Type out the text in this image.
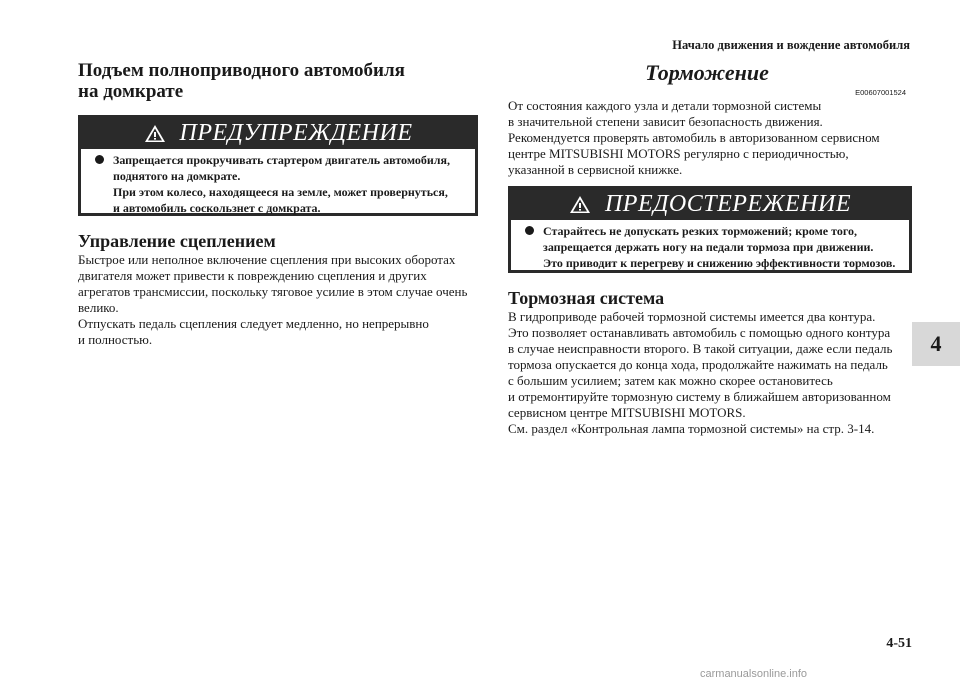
Начало движения и вождение автомобиля
4
Подъем полноприводного автомобиля
на домкрате
ПРЕДУПРЕЖДЕНИЕ
Запрещается прокручивать стартером двигатель автомобиля,
поднятого на домкрате.
При этом колесо, находящееся на земле, может провернуться,
и автомобиль соскользнет с домкрата.
Управление сцеплением
Быстрое или неполное включение сцепления при высоких оборотах
двигателя может привести к повреждению сцепления и других
агрегатов трансмиссии, поскольку тяговое усилие в этом случае очень
велико.
Отпускать педаль сцепления следует медленно, но непрерывно
и полностью.
Торможение
E00607001524
От состояния каждого узла и детали тормозной системы
в значительной степени зависит безопасность движения.
Рекомендуется проверять автомобиль в авторизованном сервисном
центре MITSUBISHI MOTORS регулярно с периодичностью,
указанной в сервисной книжке.
ПРЕДОСТЕРЕЖЕНИЕ
Старайтесь не допускать резких торможений; кроме того,
запрещается держать ногу на педали тормоза при движении.
Это приводит к перегреву и снижению эффективности тормозов.
Тормозная система
В гидроприводе рабочей тормозной системы имеется два контура.
Это позволяет останавливать автомобиль с помощью одного контура
в случае неисправности второго. В такой ситуации, даже если педаль
тормоза опускается до конца хода, продолжайте нажимать на педаль
с большим усилием; затем как можно скорее остановитесь
и отремонтируйте тормозную систему в ближайшем авторизованном
сервисном центре MITSUBISHI MOTORS.
См. раздел «Контрольная лампа тормозной системы» на стр. 3-14.
4-51
carmanualsonline.info
